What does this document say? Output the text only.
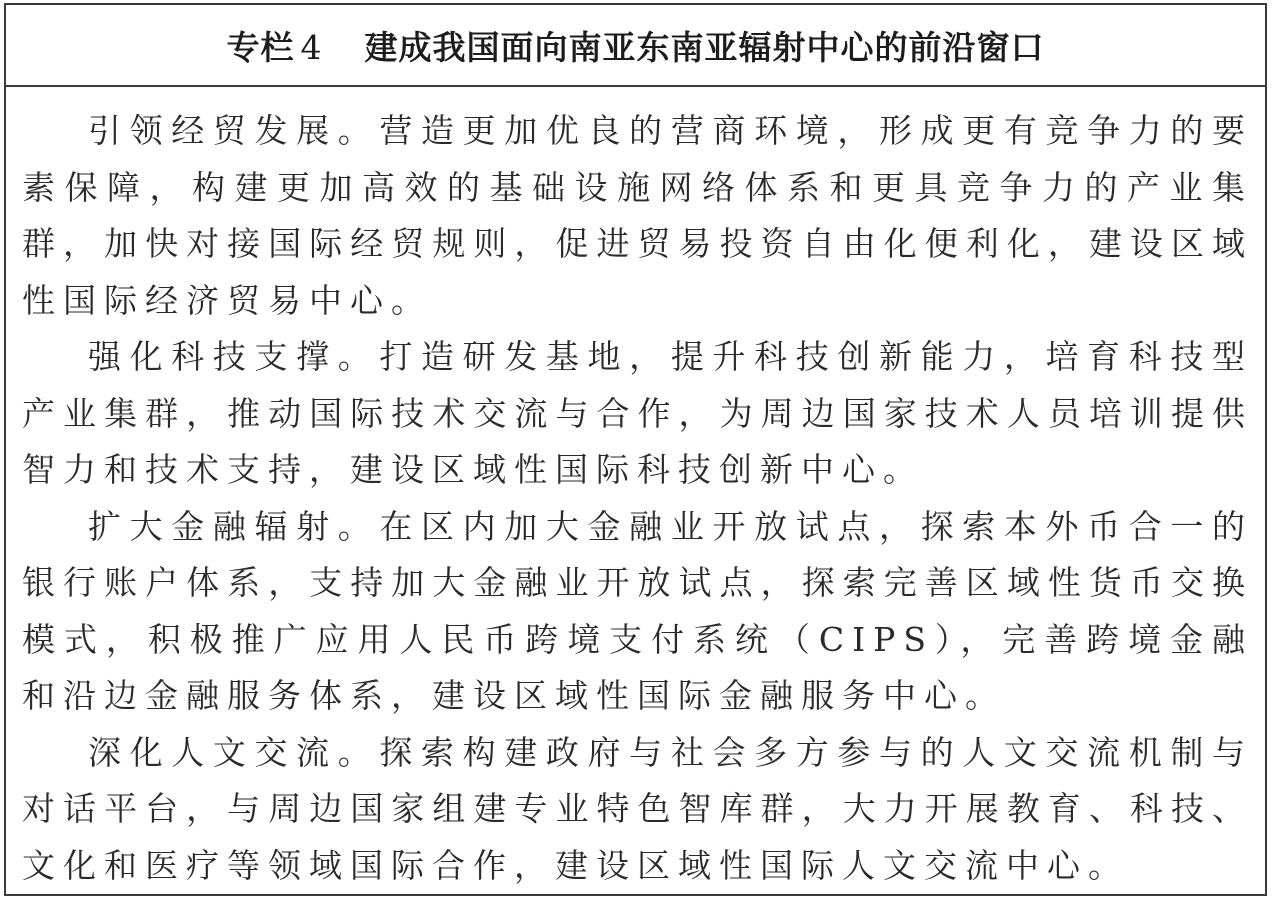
专栏 4 建成我国面向南亚东南亚辐射中心的前沿窗口

引领经贸发展。营造更加优良的营商环境，形成更有竞争力的要素保障，构建更加高效的基础设施网络体系和更具竞争力的产业集群，加快对接国际经贸规则，促进贸易投资自由化便利化，建设区域性国际经济贸易中心。

强化科技支撑。打造研发基地，提升科技创新能力，培育科技型产业集群，推动国际技术交流与合作，为周边国家技术人员培训提供智力和技术支持，建设区域性国际科技创新中心。

扩大金融辐射。在区内加大金融业开放试点，探索本外币合一的银行账户体系，支持加大金融业开放试点，探索完善区域性货币交换模式，积极推广应用人民币跨境支付系统（CIPS），完善跨境金融和沿边金融服务体系，建设区域性国际金融服务中心。

深化人文交流。探索构建政府与社会多方参与的人文交流机制与对话平台，与周边国家组建专业特色智库群，大力开展教育、科技、文化和医疗等领域国际合作，建设区域性国际人文交流中心。
